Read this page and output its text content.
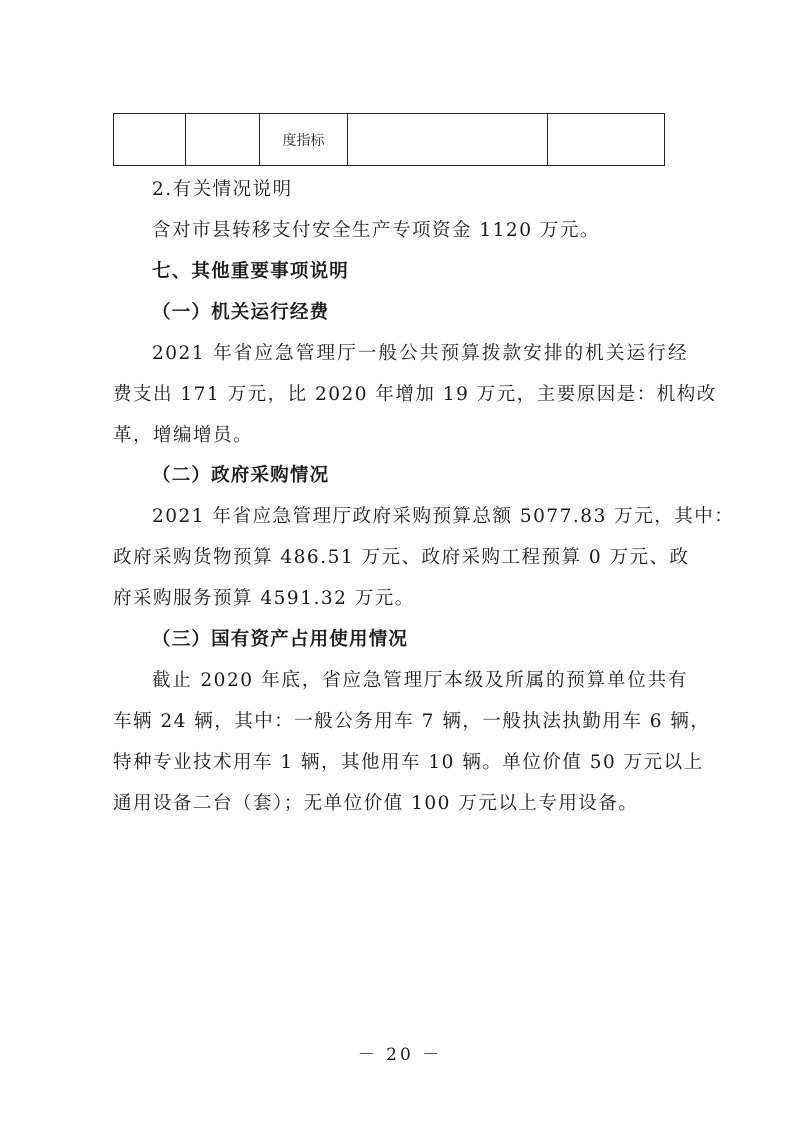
		度指标		
2.有关情况说明
含对市县转移支付安全生产专项资金 1120 万元。
七、其他重要事项说明
（一）机关运行经费
2021 年省应急管理厅一般公共预算拨款安排的机关运行经
费支出 171 万元，比 2020 年增加 19 万元，主要原因是：机构改
革，增编增员。
（二）政府采购情况
2021 年省应急管理厅政府采购预算总额 5077.83 万元，其中：
政府采购货物预算 486.51 万元、政府采购工程预算 0 万元、政
府采购服务预算 4591.32 万元。
（三）国有资产占用使用情况
截止 2020 年底，省应急管理厅本级及所属的预算单位共有
车辆 24 辆，其中：一般公务用车 7 辆，一般执法执勤用车 6 辆，
特种专业技术用车 1 辆，其他用车 10 辆。单位价值 50 万元以上
通用设备二台（套）；无单位价值 100 万元以上专用设备。
－ 20 －
